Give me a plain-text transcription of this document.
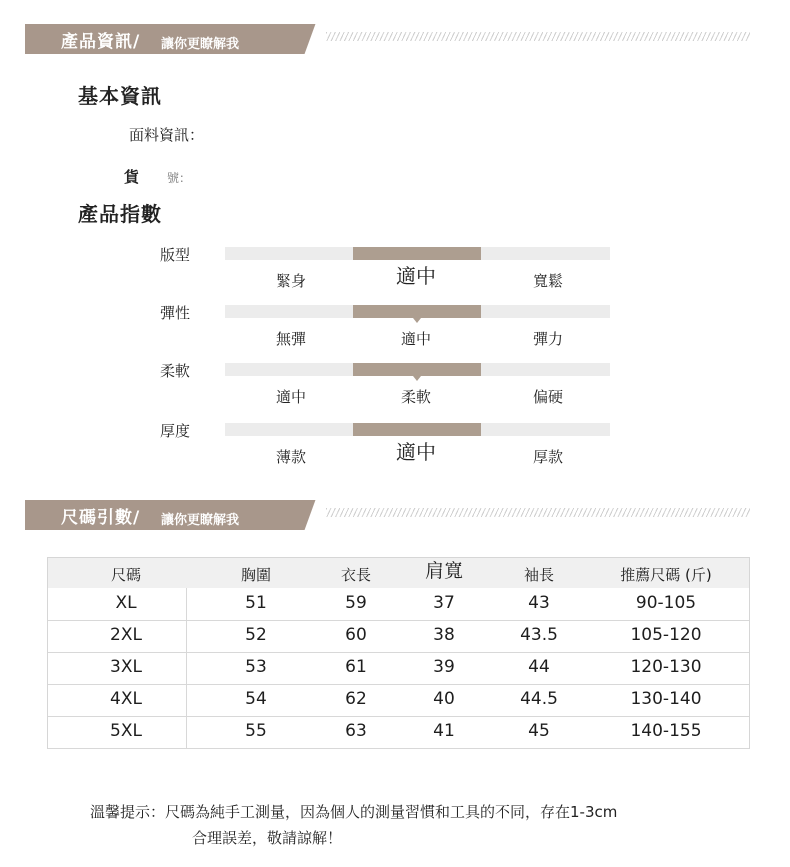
產品資訊/ 讓你更瞭解我
基本資訊
面料資訊：
貨 號：
產品指數
版型
緊身	適中	寬鬆
彈性
無彈	適中	彈力
柔軟
適中	柔軟	偏硬
厚度
薄款	適中	厚款
尺碼引數/ 讓你更瞭解我
尺碼	胸圍	衣長	肩寬	袖長	推薦尺碼 (斤)
XL	51	59	37	43	90-105
2XL	52	60	38	43.5	105-120
3XL	53	61	39	44	120-130
4XL	54	62	40	44.5	130-140
5XL	55	63	41	45	140-155
溫馨提示：尺碼為純手工測量，因為個人的測量習慣和工具的不同，存在1-3cm
合理誤差，敬請諒解！
